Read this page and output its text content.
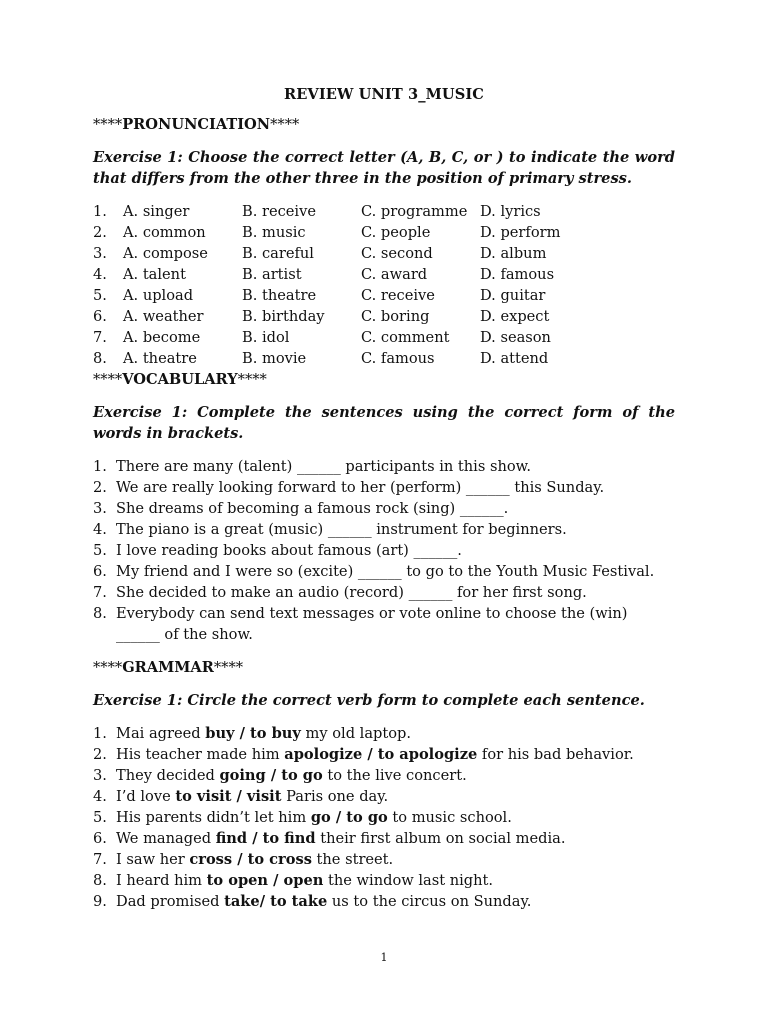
REVIEW UNIT 3_MUSIC
****PRONUNCIATION****
Exercise 1: Choose the correct letter (A, B, C, or ) to indicate the word that differs from the other three in the position of primary stress.
1.	A. singer	B. receive	C. programme	D. lyrics
2.	A. common	B. music	C. people	D. perform
3.	A. compose	B. careful	C. second	D. album
4.	A. talent	B. artist	C. award	D. famous
5.	A. upload	B. theatre	C. receive	D. guitar
6.	A. weather	B. birthday	C. boring	D. expect
7.	A. become	B. idol	C. comment	D. season
8.	A. theatre	B. movie	C. famous	D. attend
****VOCABULARY****
Exercise 1: Complete the sentences using the correct form of the words in brackets.
1. There are many (talent) ______ participants in this show.
2. We are really looking forward to her (perform) ______ this Sunday.
3. She dreams of becoming a famous rock (sing) ______.
4. The piano is a great (music) ______ instrument for beginners.
5. I love reading books about famous (art) ______.
6. My friend and I were so (excite) ______ to go to the Youth Music Festival.
7. She decided to make an audio (record) ______ for her first song.
8. Everybody can send text messages or vote online to choose the (win) ______ of the show.
****GRAMMAR****
Exercise 1: Circle the correct verb form to complete each sentence.
1. Mai agreed buy / to buy my old laptop.
2. His teacher made him apologize / to apologize for his bad behavior.
3. They decided going / to go to the live concert.
4. I’d love to visit / visit Paris one day.
5. His parents didn’t let him go / to go to music school.
6. We managed find / to find their first album on social media.
7. I saw her cross / to cross the street.
8. I heard him to open / open the window last night.
9. Dad promised take/ to take us to the circus on Sunday.
1
